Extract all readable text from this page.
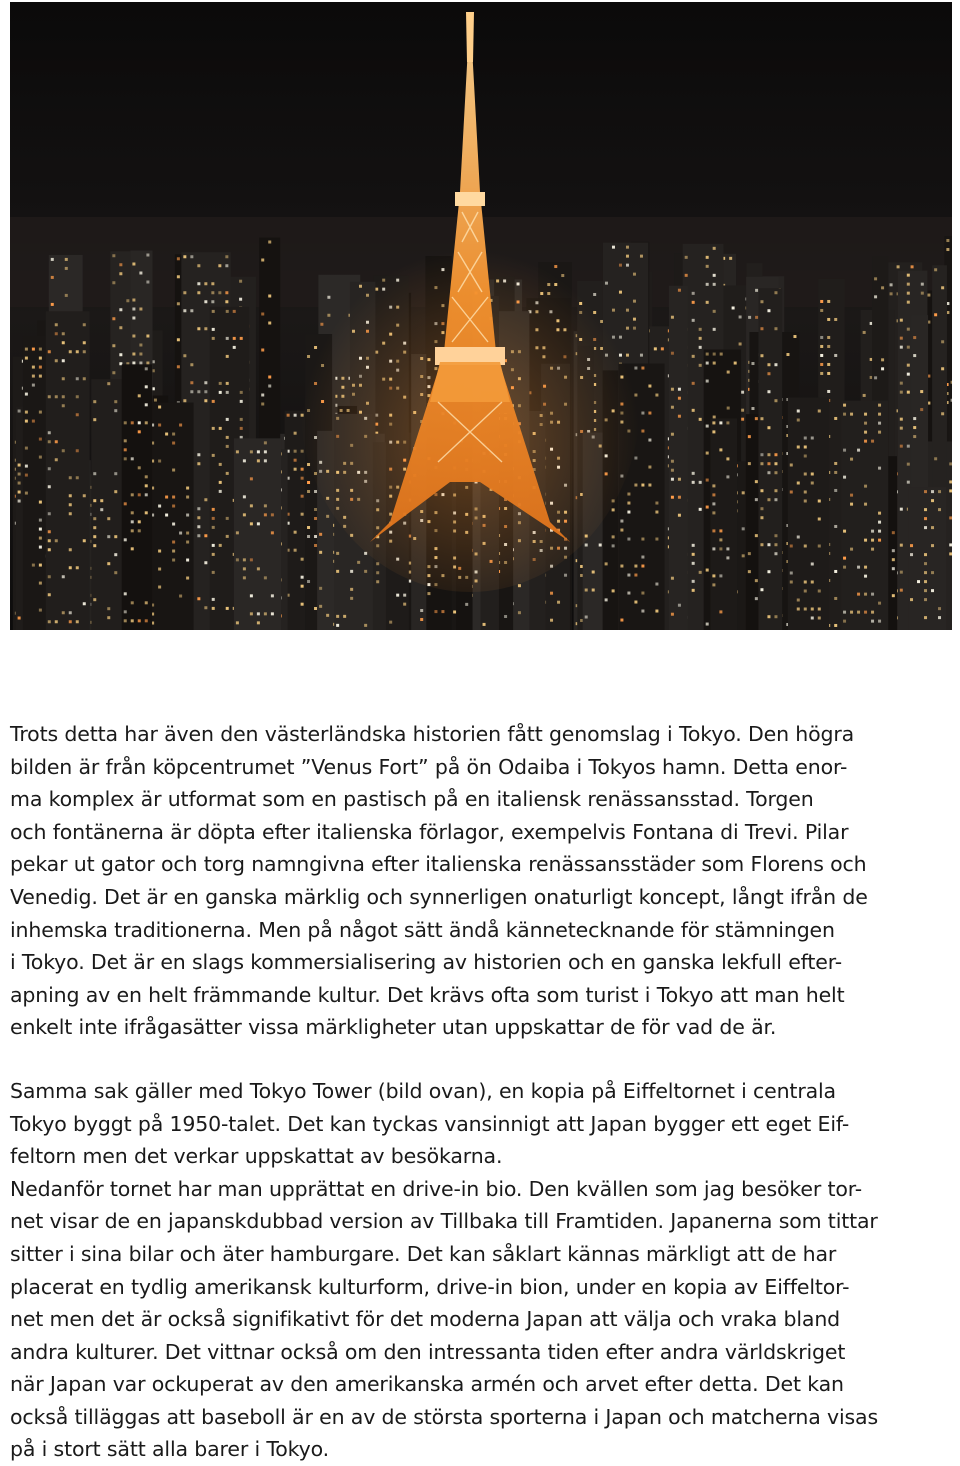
Trots detta har även den västerländska historien fått genomslag i Tokyo. Den högra
bilden är från köpcentrumet ”Venus Fort” på ön Odaiba i Tokyos hamn. Detta enor-
ma komplex är utformat som en pastisch på en italiensk renässansstad. Torgen
och fontänerna är döpta efter italienska förlagor, exempelvis Fontana di Trevi. Pilar
pekar ut gator och torg namngivna efter italienska renässansstäder som Florens och
Venedig. Det är en ganska märklig och synnerligen onaturligt koncept, långt ifrån de
inhemska traditionerna. Men på något sätt ändå kännetecknande för stämningen
i Tokyo. Det är en slags kommersialisering av historien och en ganska lekfull efter-
apning av en helt främmande kultur. Det krävs ofta som turist i Tokyo att man helt
enkelt inte ifrågasätter vissa märkligheter utan uppskattar de för vad de är.
Samma sak gäller med Tokyo Tower (bild ovan), en kopia på Eiffeltornet i centrala
Tokyo byggt på 1950-talet. Det kan tyckas vansinnigt att Japan bygger ett eget Eif-
feltorn men det verkar uppskattat av besökarna.
Nedanför tornet har man upprättat en drive-in bio. Den kvällen som jag besöker tor-
net visar de en japanskdubbad version av Tillbaka till Framtiden. Japanerna som tittar
sitter i sina bilar och äter hamburgare. Det kan såklart kännas märkligt att de har
placerat en tydlig amerikansk kulturform, drive-in bion, under en kopia av Eiffeltor-
net men det är också signifikativt för det moderna Japan att välja och vraka bland
andra kulturer. Det vittnar också om den intressanta tiden efter andra världskriget
när Japan var ockuperat av den amerikanska armén och arvet efter detta. Det kan
också tilläggas att baseboll är en av de största sporterna i Japan och matcherna visas
på i stort sätt alla barer i Tokyo.
